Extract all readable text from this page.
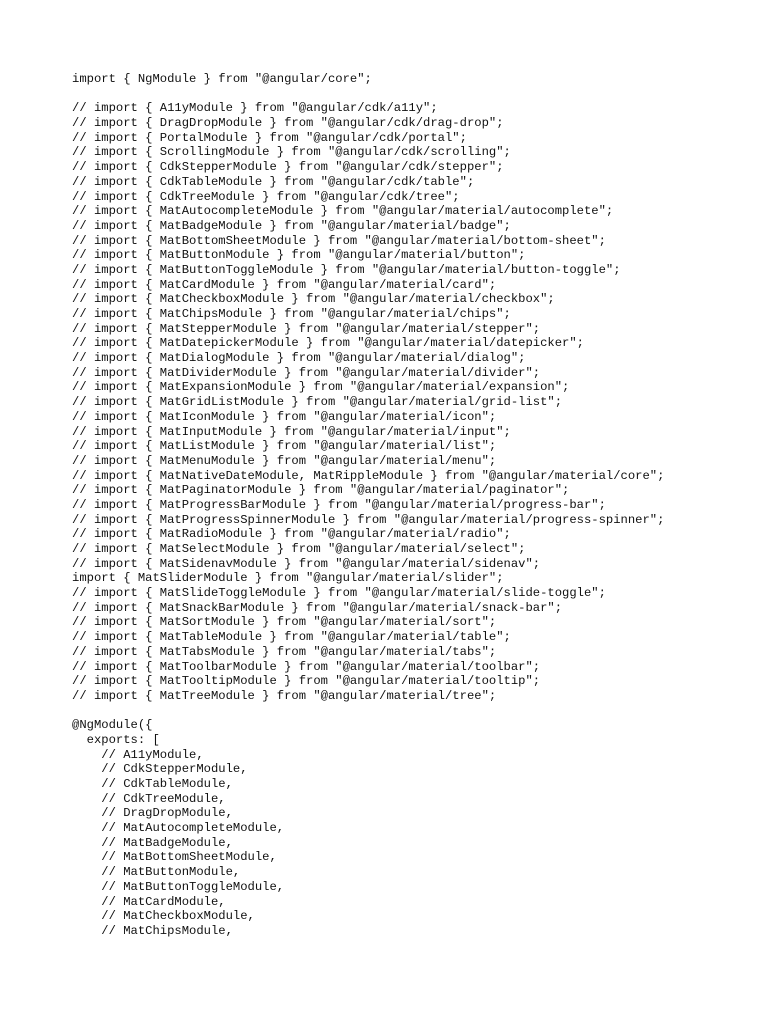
import { NgModule } from "@angular/core";
// import { A11yModule } from "@angular/cdk/a11y";
// import { DragDropModule } from "@angular/cdk/drag-drop";
// import { PortalModule } from "@angular/cdk/portal";
// import { ScrollingModule } from "@angular/cdk/scrolling";
// import { CdkStepperModule } from "@angular/cdk/stepper";
// import { CdkTableModule } from "@angular/cdk/table";
// import { CdkTreeModule } from "@angular/cdk/tree";
// import { MatAutocompleteModule } from "@angular/material/autocomplete";
// import { MatBadgeModule } from "@angular/material/badge";
// import { MatBottomSheetModule } from "@angular/material/bottom-sheet";
// import { MatButtonModule } from "@angular/material/button";
// import { MatButtonToggleModule } from "@angular/material/button-toggle";
// import { MatCardModule } from "@angular/material/card";
// import { MatCheckboxModule } from "@angular/material/checkbox";
// import { MatChipsModule } from "@angular/material/chips";
// import { MatStepperModule } from "@angular/material/stepper";
// import { MatDatepickerModule } from "@angular/material/datepicker";
// import { MatDialogModule } from "@angular/material/dialog";
// import { MatDividerModule } from "@angular/material/divider";
// import { MatExpansionModule } from "@angular/material/expansion";
// import { MatGridListModule } from "@angular/material/grid-list";
// import { MatIconModule } from "@angular/material/icon";
// import { MatInputModule } from "@angular/material/input";
// import { MatListModule } from "@angular/material/list";
// import { MatMenuModule } from "@angular/material/menu";
// import { MatNativeDateModule, MatRippleModule } from "@angular/material/core";
// import { MatPaginatorModule } from "@angular/material/paginator";
// import { MatProgressBarModule } from "@angular/material/progress-bar";
// import { MatProgressSpinnerModule } from "@angular/material/progress-spinner";
// import { MatRadioModule } from "@angular/material/radio";
// import { MatSelectModule } from "@angular/material/select";
// import { MatSidenavModule } from "@angular/material/sidenav";
import { MatSliderModule } from "@angular/material/slider";
// import { MatSlideToggleModule } from "@angular/material/slide-toggle";
// import { MatSnackBarModule } from "@angular/material/snack-bar";
// import { MatSortModule } from "@angular/material/sort";
// import { MatTableModule } from "@angular/material/table";
// import { MatTabsModule } from "@angular/material/tabs";
// import { MatToolbarModule } from "@angular/material/toolbar";
// import { MatTooltipModule } from "@angular/material/tooltip";
// import { MatTreeModule } from "@angular/material/tree";
@NgModule({
exports: [
// A11yModule,
// CdkStepperModule,
// CdkTableModule,
// CdkTreeModule,
// DragDropModule,
// MatAutocompleteModule,
// MatBadgeModule,
// MatBottomSheetModule,
// MatButtonModule,
// MatButtonToggleModule,
// MatCardModule,
// MatCheckboxModule,
// MatChipsModule,
